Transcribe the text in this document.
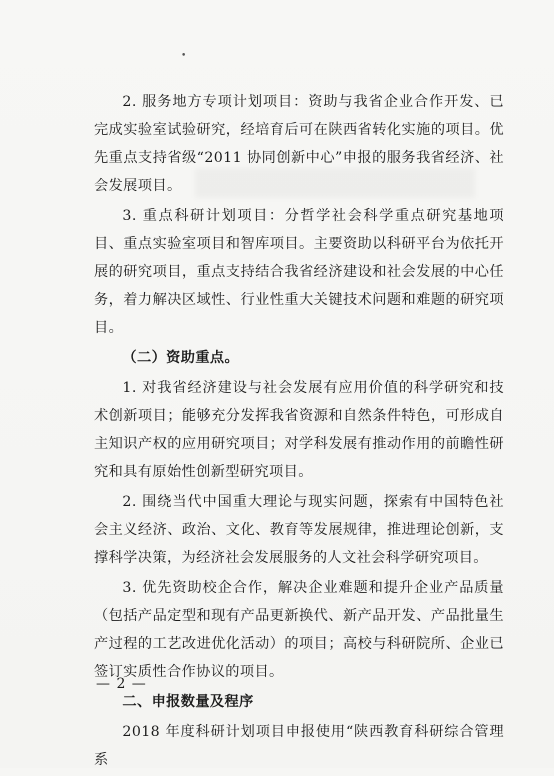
•

2. 服务地方专项计划项目：资助与我省企业合作开发、已完成实验室试验研究，经培育后可在陕西省转化实施的项目。优先重点支持省级“2011 协同创新中心”申报的服务我省经济、社会发展项目。

3. 重点科研计划项目：分哲学社会科学重点研究基地项目、重点实验室项目和智库项目。主要资助以科研平台为依托开展的研究项目，重点支持结合我省经济建设和社会发展的中心任务，着力解决区域性、行业性重大关键技术问题和难题的研究项目。

（二）资助重点。

1. 对我省经济建设与社会发展有应用价值的科学研究和技术创新项目；能够充分发挥我省资源和自然条件特色，可形成自主知识产权的应用研究项目；对学科发展有推动作用的前瞻性研究和具有原始性创新型研究项目。

2. 围绕当代中国重大理论与现实问题，探索有中国特色社会主义经济、政治、文化、教育等发展规律，推进理论创新，支撑科学决策，为经济社会发展服务的人文社会科学研究项目。

3. 优先资助校企合作，解决企业难题和提升企业产品质量（包括产品定型和现有产品更新换代、新产品开发、产品批量生产过程的工艺改进优化活动）的项目；高校与科研院所、企业已签订实质性合作协议的项目。

二、申报数量及程序

2018 年度科研计划项目申报使用“陕西教育科研综合管理系

— 2 —
